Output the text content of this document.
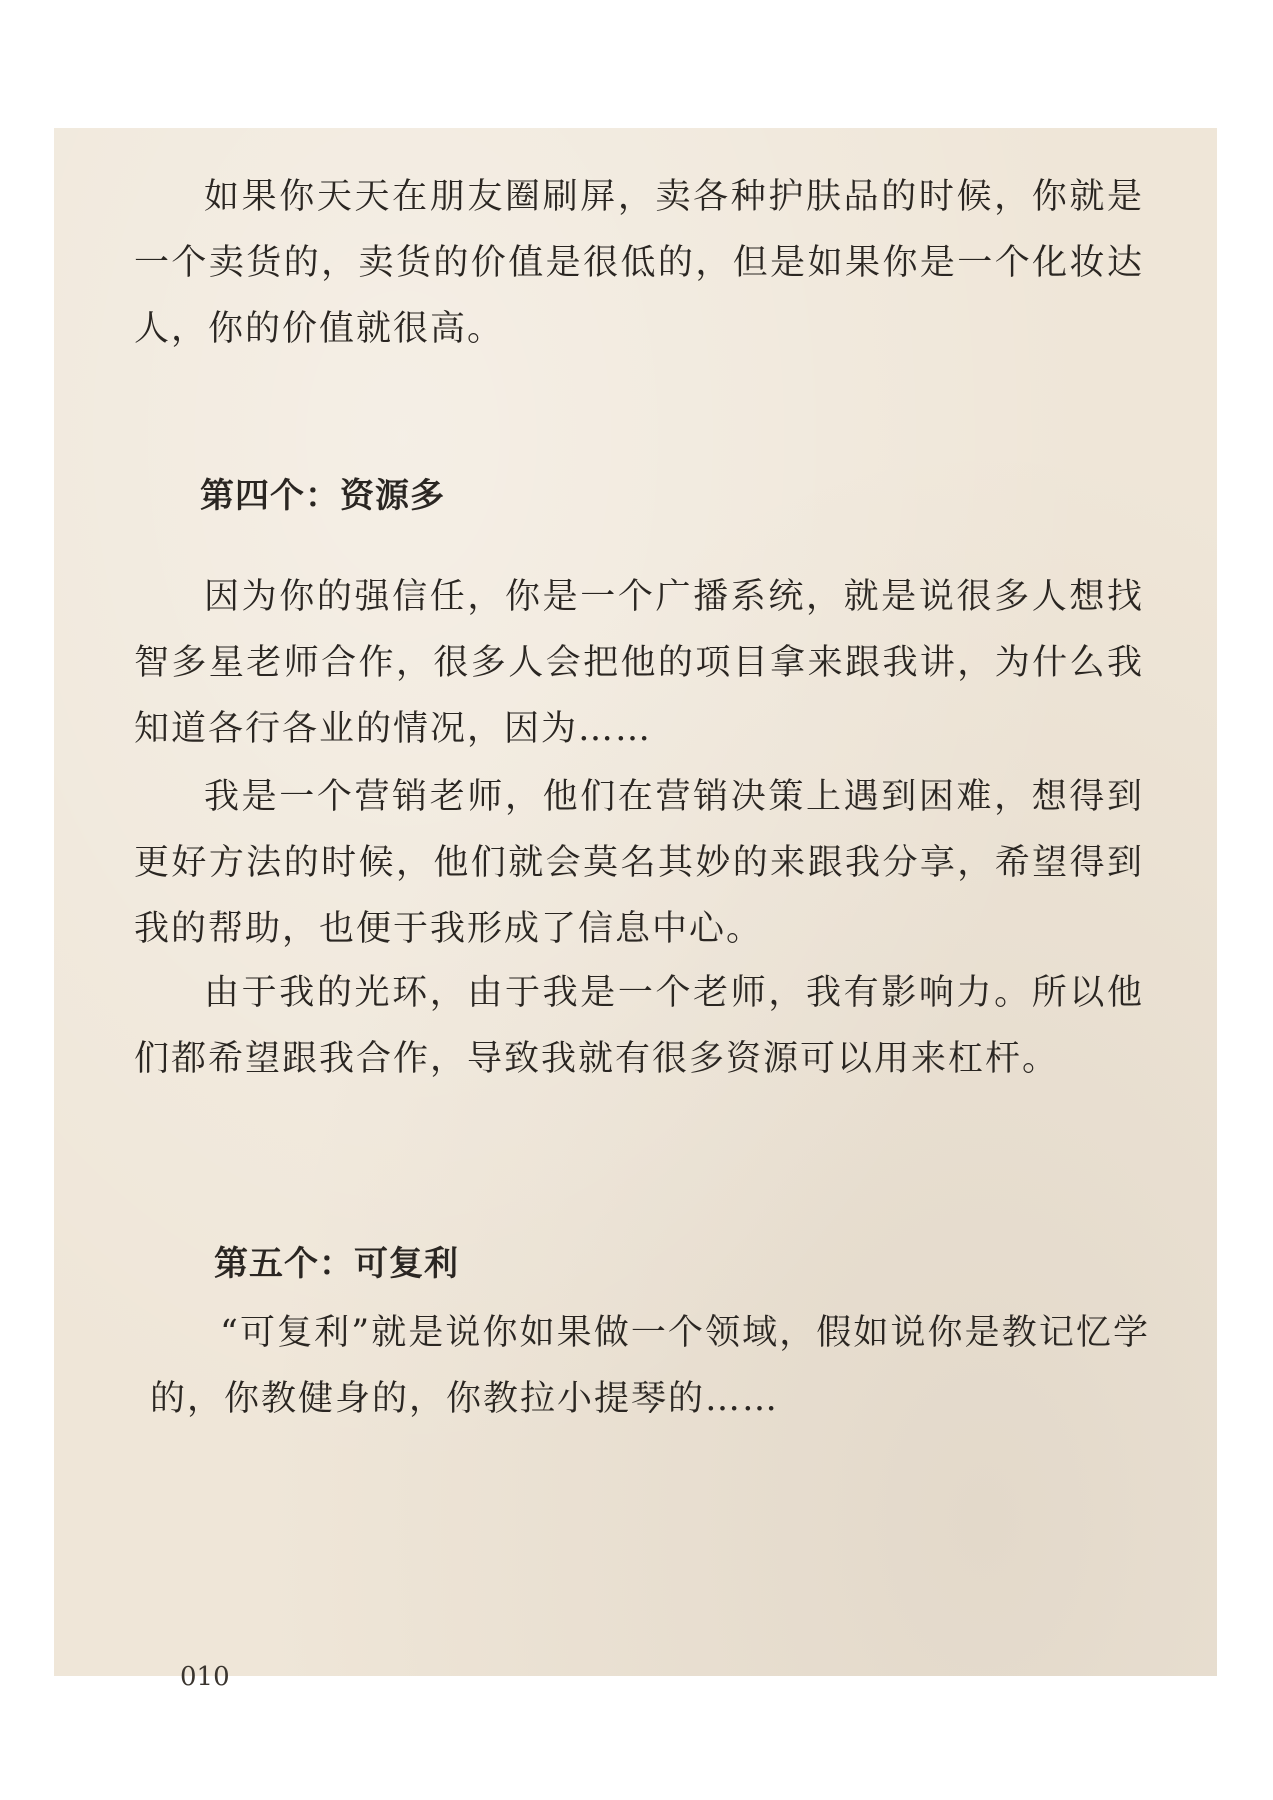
如果你天天在朋友圈刷屏，卖各种护肤品的时候，你就是一个卖货的，卖货的价值是很低的，但是如果你是一个化妆达人，你的价值就很高。

第四个：资源多

因为你的强信任，你是一个广播系统，就是说很多人想找智多星老师合作，很多人会把他的项目拿来跟我讲，为什么我知道各行各业的情况，因为……

我是一个营销老师，他们在营销决策上遇到困难，想得到更好方法的时候，他们就会莫名其妙的来跟我分享，希望得到我的帮助，也便于我形成了信息中心。

由于我的光环，由于我是一个老师，我有影响力。所以他们都希望跟我合作，导致我就有很多资源可以用来杠杆。

第五个：可复利

“可复利”就是说你如果做一个领域，假如说你是教记忆学的，你教健身的，你教拉小提琴的……

010
